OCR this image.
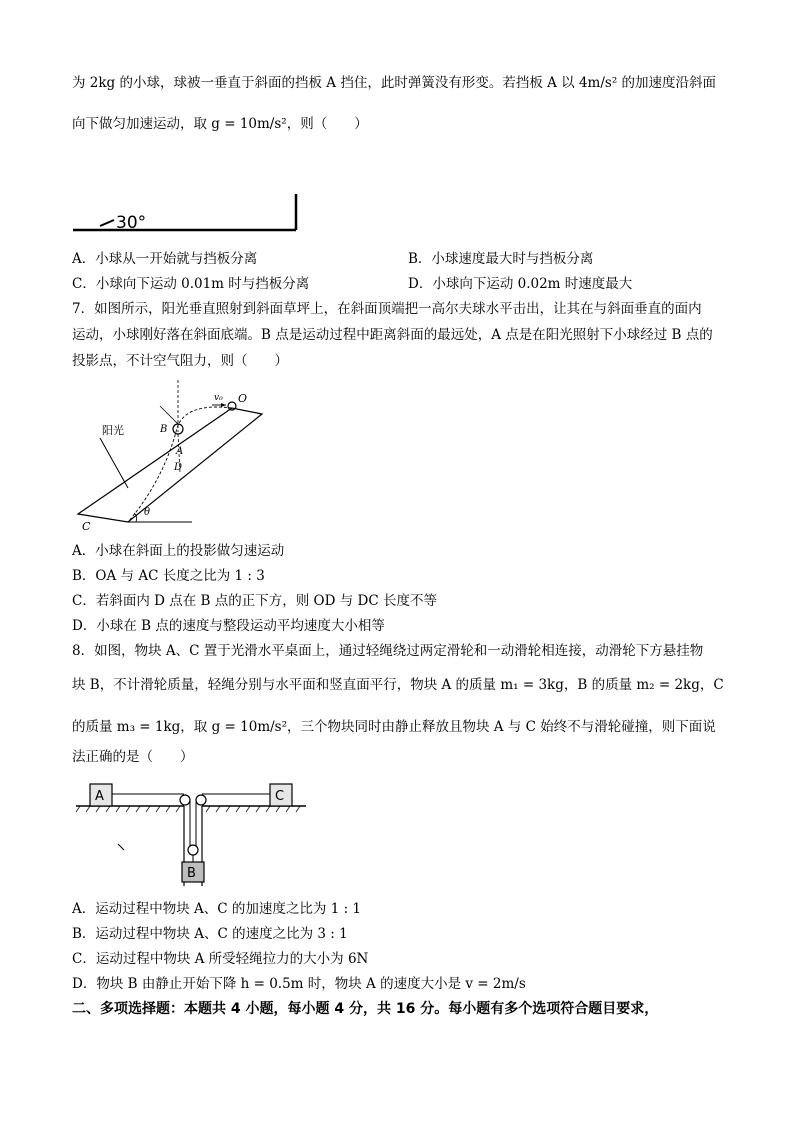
为 2kg 的小球，球被一垂直于斜面的挡板 A 挡住，此时弹簧没有形变。若挡板 A 以 4m/s² 的加速度沿斜面
向下做匀加速运动，取 g = 10m/s²，则（　　）
30°
A．小球从一开始就与挡板分离	B．小球速度最大时与挡板分离
C．小球向下运动 0.01m 时与挡板分离	D．小球向下运动 0.02m 时速度最大
7．如图所示，阳光垂直照射到斜面草坪上，在斜面顶端把一高尔夫球水平击出，让其在与斜面垂直的面内
运动，小球刚好落在斜面底端。B 点是运动过程中距离斜面的最远处，A 点是在阳光照射下小球经过 B 点的
投影点，不计空气阻力，则（　　）
阳光
v₀ O
B
A
D
C
θ
A．小球在斜面上的投影做匀速运动
B．OA 与 AC 长度之比为 1 : 3
C．若斜面内 D 点在 B 点的正下方，则 OD 与 DC 长度不等
D．小球在 B 点的速度与整段运动平均速度大小相等
8．如图，物块 A、C 置于光滑水平桌面上，通过轻绳绕过两定滑轮和一动滑轮相连接，动滑轮下方悬挂物
块 B，不计滑轮质量，轻绳分别与水平面和竖直面平行，物块 A 的质量 m₁ = 3kg，B 的质量 m₂ = 2kg，C
的质量 m₃ = 1kg，取 g = 10m/s²，三个物块同时由静止释放且物块 A 与 C 始终不与滑轮碰撞，则下面说
法正确的是（　　）
A	C
B
A．运动过程中物块 A、C 的加速度之比为 1 : 1
B．运动过程中物块 A、C 的速度之比为 3 : 1
C．运动过程中物块 A 所受轻绳拉力的大小为 6N
D．物块 B 由静止开始下降 h = 0.5m 时，物块 A 的速度大小是 v = 2m/s
二、多项选择题：本题共 4 小题，每小题 4 分，共 16 分。每小题有多个选项符合题目要求，
